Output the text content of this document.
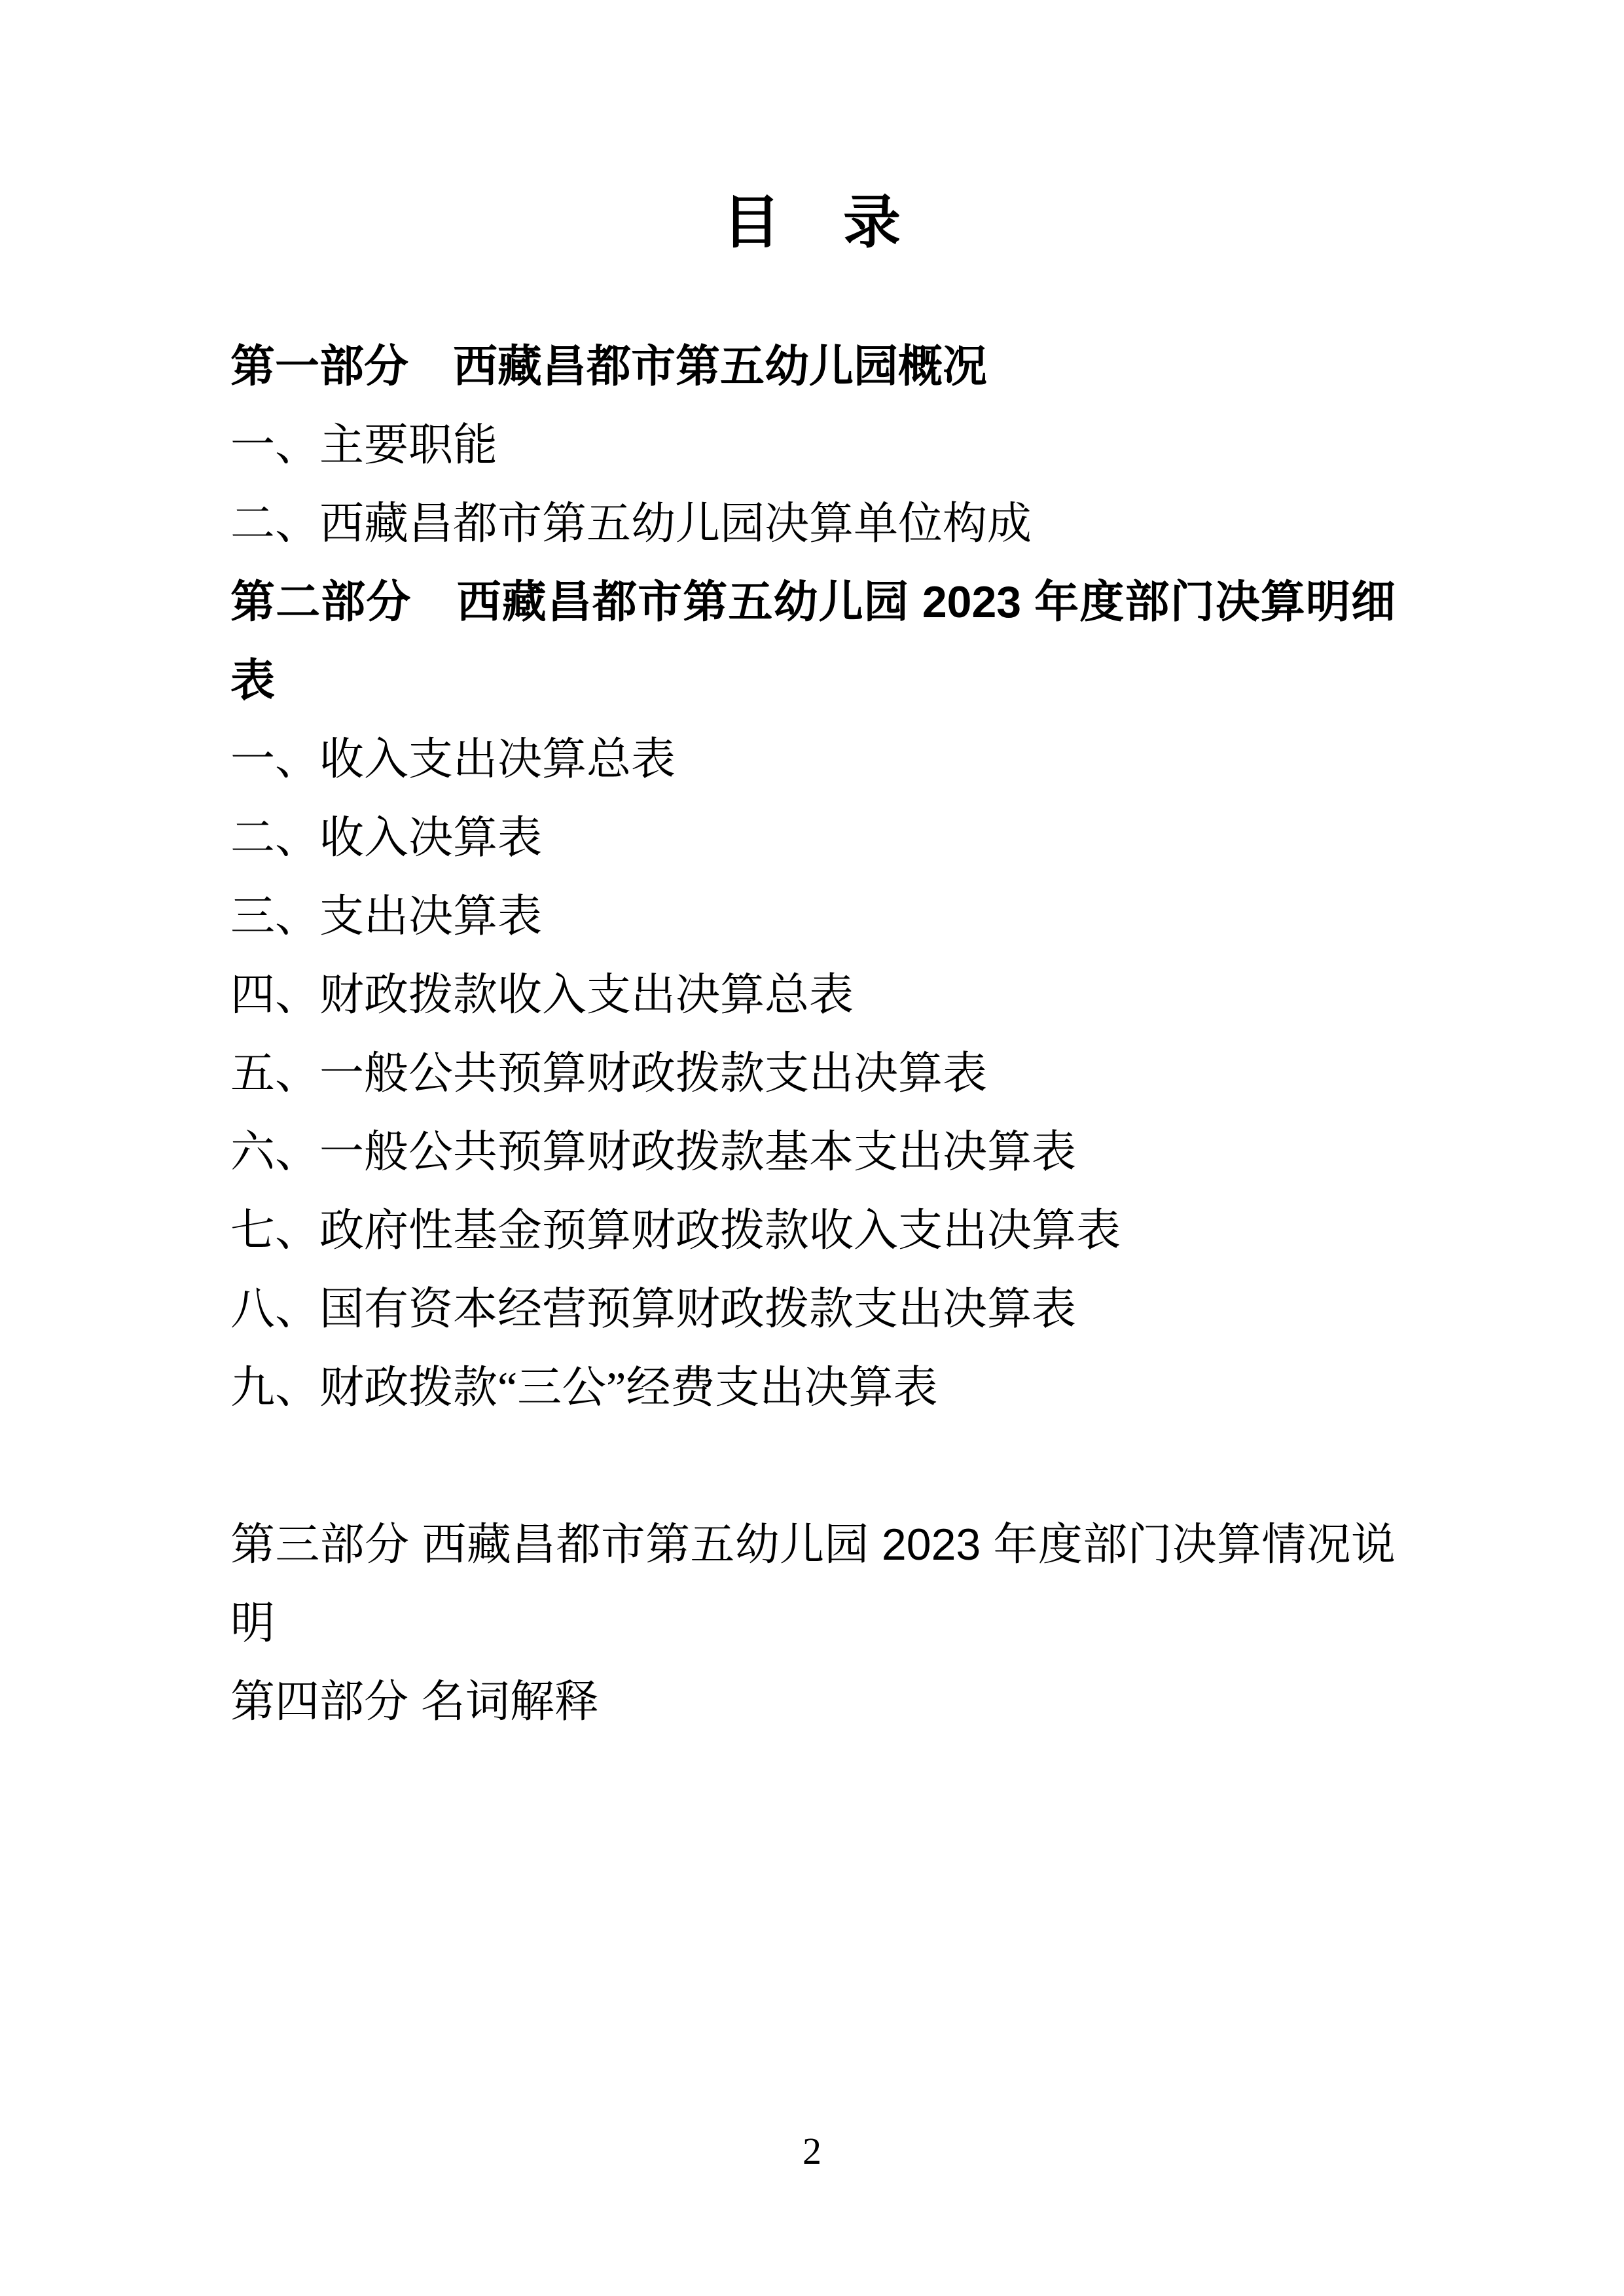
目　录

第一部分　西藏昌都市第五幼儿园概况

一、主要职能

二、西藏昌都市第五幼儿园决算单位构成

第二部分　西藏昌都市第五幼儿园 2023 年度部门决算明细表

一、收入支出决算总表

二、收入决算表

三、支出决算表

四、财政拨款收入支出决算总表

五、一般公共预算财政拨款支出决算表

六、一般公共预算财政拨款基本支出决算表

七、政府性基金预算财政拨款收入支出决算表

八、国有资本经营预算财政拨款支出决算表

九、财政拨款“三公”经费支出决算表

第三部分 西藏昌都市第五幼儿园 2023 年度部门决算情况说明

第四部分 名词解释

2
